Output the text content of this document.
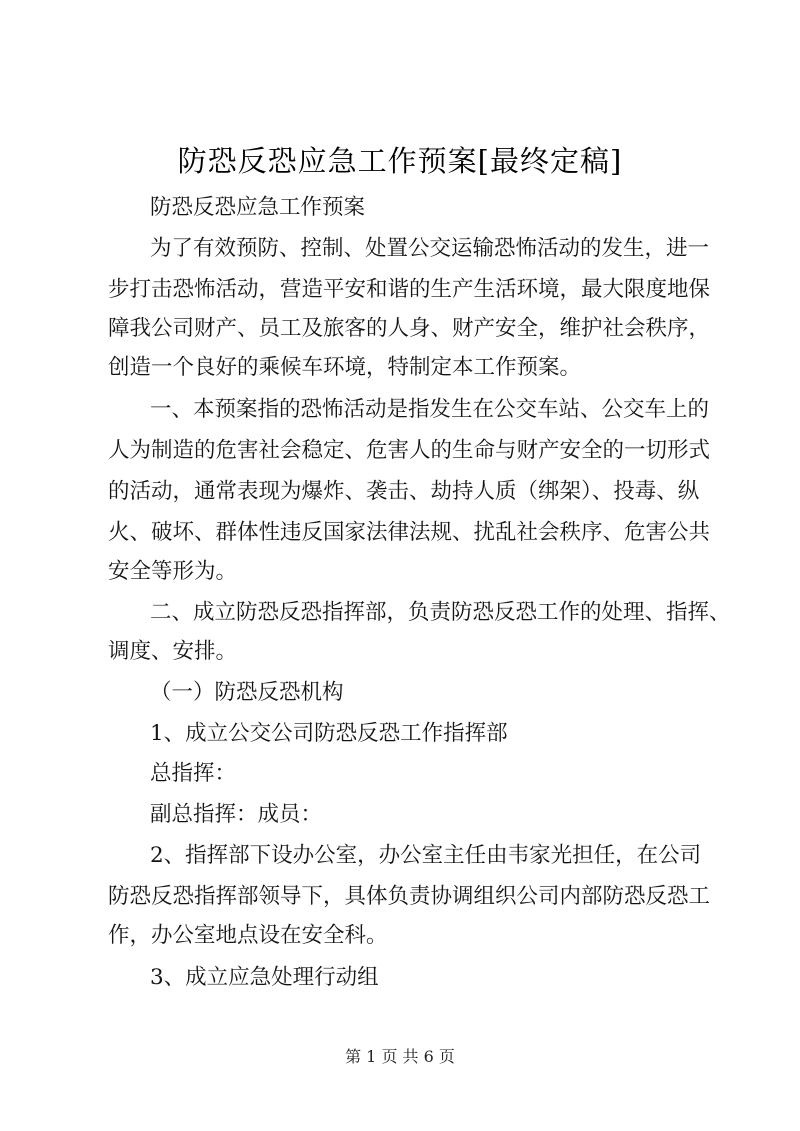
防恐反恐应急工作预案[最终定稿]
防恐反恐应急工作预案
为了有效预防、控制、处置公交运输恐怖活动的发生，进一
步打击恐怖活动，营造平安和谐的生产生活环境，最大限度地保
障我公司财产、员工及旅客的人身、财产安全，维护社会秩序，
创造一个良好的乘候车环境，特制定本工作预案。
一、本预案指的恐怖活动是指发生在公交车站、公交车上的
人为制造的危害社会稳定、危害人的生命与财产安全的一切形式
的活动，通常表现为爆炸、袭击、劫持人质（绑架）、投毒、纵
火、破坏、群体性违反国家法律法规、扰乱社会秩序、危害公共
安全等形为。
二、成立防恐反恐指挥部，负责防恐反恐工作的处理、指挥、
调度、安排。
（一）防恐反恐机构
1、成立公交公司防恐反恐工作指挥部
总指挥：
副总指挥：成员：
2、指挥部下设办公室，办公室主任由韦家光担任，在公司
防恐反恐指挥部领导下，具体负责协调组织公司内部防恐反恐工
作，办公室地点设在安全科。
3、成立应急处理行动组
第 1 页 共 6 页
